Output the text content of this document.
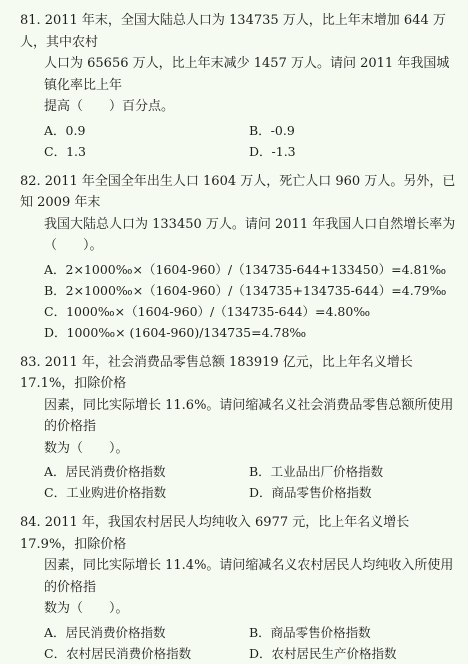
81. 2011 年末，全国大陆总人口为 134735 万人，比上年末增加 644 万人，其中农村
人口为 65656 万人，比上年末减少 1457 万人。请问 2011 年我国城镇化率比上年
提高（　　）百分点。
A．0.9	B．-0.9
C．1.3	D．-1.3
82. 2011 年全国全年出生人口 1604 万人，死亡人口 960 万人。另外，已知 2009 年末
我国大陆总人口为 133450 万人。请问 2011 年我国人口自然增长率为（　　）。
A．2×1000‰×（1604-960）/（134735-644+133450）=4.81‰
B．2×1000‰×（1604-960）/（134735+134735-644）=4.79‰
C．1000‰×（1604-960）/（134735-644）=4.80‰
D．1000‰× (1604-960)/134735=4.78‰
83. 2011 年，社会消费品零售总额 183919 亿元，比上年名义增长 17.1%，扣除价格
因素，同比实际增长 11.6%。请问缩减名义社会消费品零售总额所使用的价格指
数为（　　）。
A．居民消费价格指数	B．工业品出厂价格指数
C．工业购进价格指数	D．商品零售价格指数
84. 2011 年，我国农村居民人均纯收入 6977 元，比上年名义增长 17.9%，扣除价格
因素，同比实际增长 11.4%。请问缩减名义农村居民人均纯收入所使用的价格指
数为（　　）。
A．居民消费价格指数	B．商品零售价格指数
C．农村居民消费价格指数	D．农村居民生产价格指数
